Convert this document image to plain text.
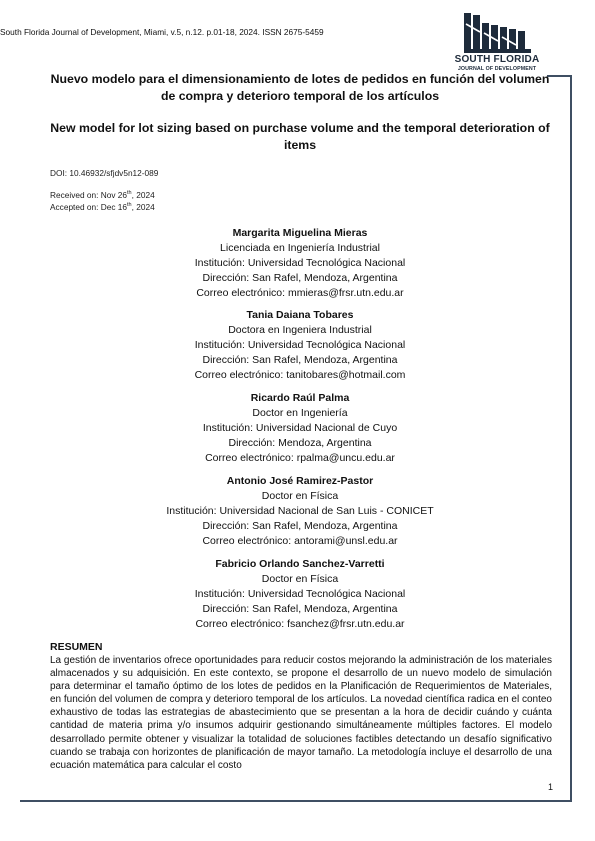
South Florida Journal of Development, Miami, v.5, n.12. p.01-18, 2024. ISSN 2675-5459
SOUTH FLORIDA
JOURNAL OF DEVELOPMENT
Nuevo modelo para el dimensionamiento de lotes de pedidos en función del volumen de compra y deterioro temporal de los artículos
New model for lot sizing based on purchase volume and the temporal deterioration of items
DOI: 10.46932/sfjdv5n12-089
Received on: Nov 26th, 2024
Accepted on: Dec 16th, 2024
Margarita Miguelina Mieras
Licenciada en Ingeniería Industrial
Institución: Universidad Tecnológica Nacional
Dirección: San Rafel, Mendoza, Argentina
Correo electrónico: mmieras@frsr.utn.edu.ar
Tania Daiana Tobares
Doctora en Ingeniera Industrial
Institución: Universidad Tecnológica Nacional
Dirección: San Rafel, Mendoza, Argentina
Correo electrónico: tanitobares@hotmail.com
Ricardo Raúl Palma
Doctor en Ingeniería
Institución: Universidad Nacional de Cuyo
Dirección: Mendoza, Argentina
Correo electrónico: rpalma@uncu.edu.ar
Antonio José Ramirez-Pastor
Doctor en Física
Institución: Universidad Nacional de San Luis - CONICET
Dirección: San Rafel, Mendoza, Argentina
Correo electrónico: antorami@unsl.edu.ar
Fabricio Orlando Sanchez-Varretti
Doctor en Física
Institución: Universidad Tecnológica Nacional
Dirección: San Rafel, Mendoza, Argentina
Correo electrónico: fsanchez@frsr.utn.edu.ar
RESUMEN
La gestión de inventarios ofrece oportunidades para reducir costos mejorando la administración de los materiales almacenados y su adquisición. En este contexto, se propone el desarrollo de un nuevo modelo de simulación para determinar el tamaño óptimo de los lotes de pedidos en la Planificación de Requerimientos de Materiales, en función del volumen de compra y deterioro temporal de los artículos. La novedad científica radica en el conteo exhaustivo de todas las estrategias de abastecimiento que se presentan a la hora de decidir cuándo y cuánta cantidad de materia prima y/o insumos adquirir gestionando simultáneamente múltiples factores. El modelo desarrollado permite obtener y visualizar la totalidad de soluciones factibles detectando un desafío significativo cuando se trabaja con horizontes de planificación de mayor tamaño. La metodología incluye el desarrollo de una ecuación matemática para calcular el costo
1
